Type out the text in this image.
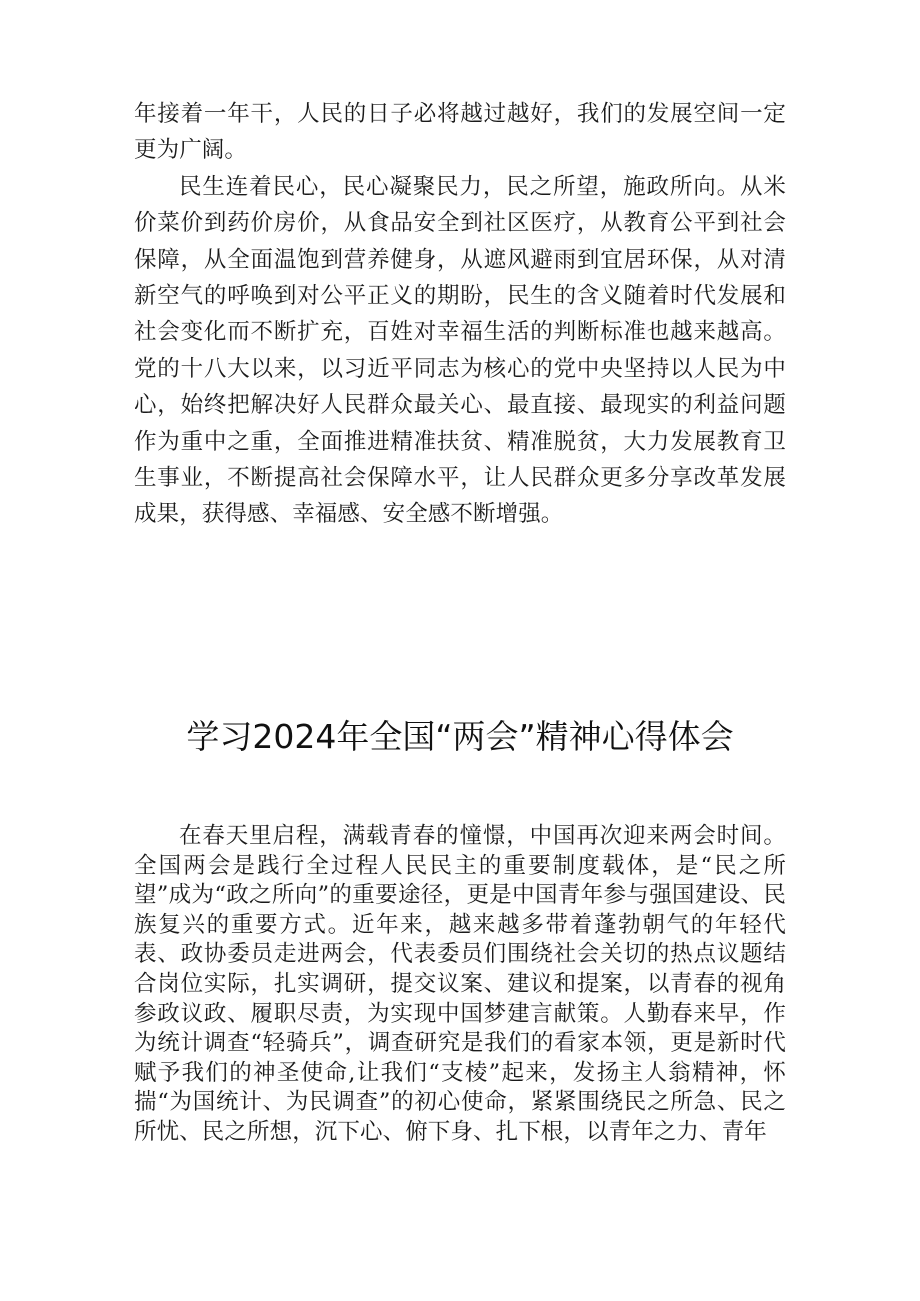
年接着一年干，人民的日子必将越过越好，我们的发展空间一定更为广阔。

民生连着民心，民心凝聚民力，民之所望，施政所向。从米价菜价到药价房价，从食品安全到社区医疗，从教育公平到社会保障，从全面温饱到营养健身，从遮风避雨到宜居环保，从对清新空气的呼唤到对公平正义的期盼，民生的含义随着时代发展和社会变化而不断扩充，百姓对幸福生活的判断标准也越来越高。党的十八大以来，以习近平同志为核心的党中央坚持以人民为中心，始终把解决好人民群众最关心、最直接、最现实的利益问题作为重中之重，全面推进精准扶贫、精准脱贫，大力发展教育卫生事业，不断提高社会保障水平，让人民群众更多分享改革发展成果，获得感、幸福感、安全感不断增强。

学习2024年全国“两会”精神心得体会

在春天里启程，满载青春的憧憬，中国再次迎来两会时间。全国两会是践行全过程人民民主的重要制度载体，是“民之所望”成为“政之所向”的重要途径，更是中国青年参与强国建设、民族复兴的重要方式。近年来，越来越多带着蓬勃朝气的年轻代表、政协委员走进两会，代表委员们围绕社会关切的热点议题结合岗位实际，扎实调研，提交议案、建议和提案，以青春的视角参政议政、履职尽责，为实现中国梦建言献策。人勤春来早，作为统计调查“轻骑兵”，调查研究是我们的看家本领，更是新时代赋予我们的神圣使命,让我们“支棱”起来，发扬主人翁精神，怀揣“为国统计、为民调查”的初心使命，紧紧围绕民之所急、民之所忧、民之所想，沉下心、俯下身、扎下根，以青年之力、青年
